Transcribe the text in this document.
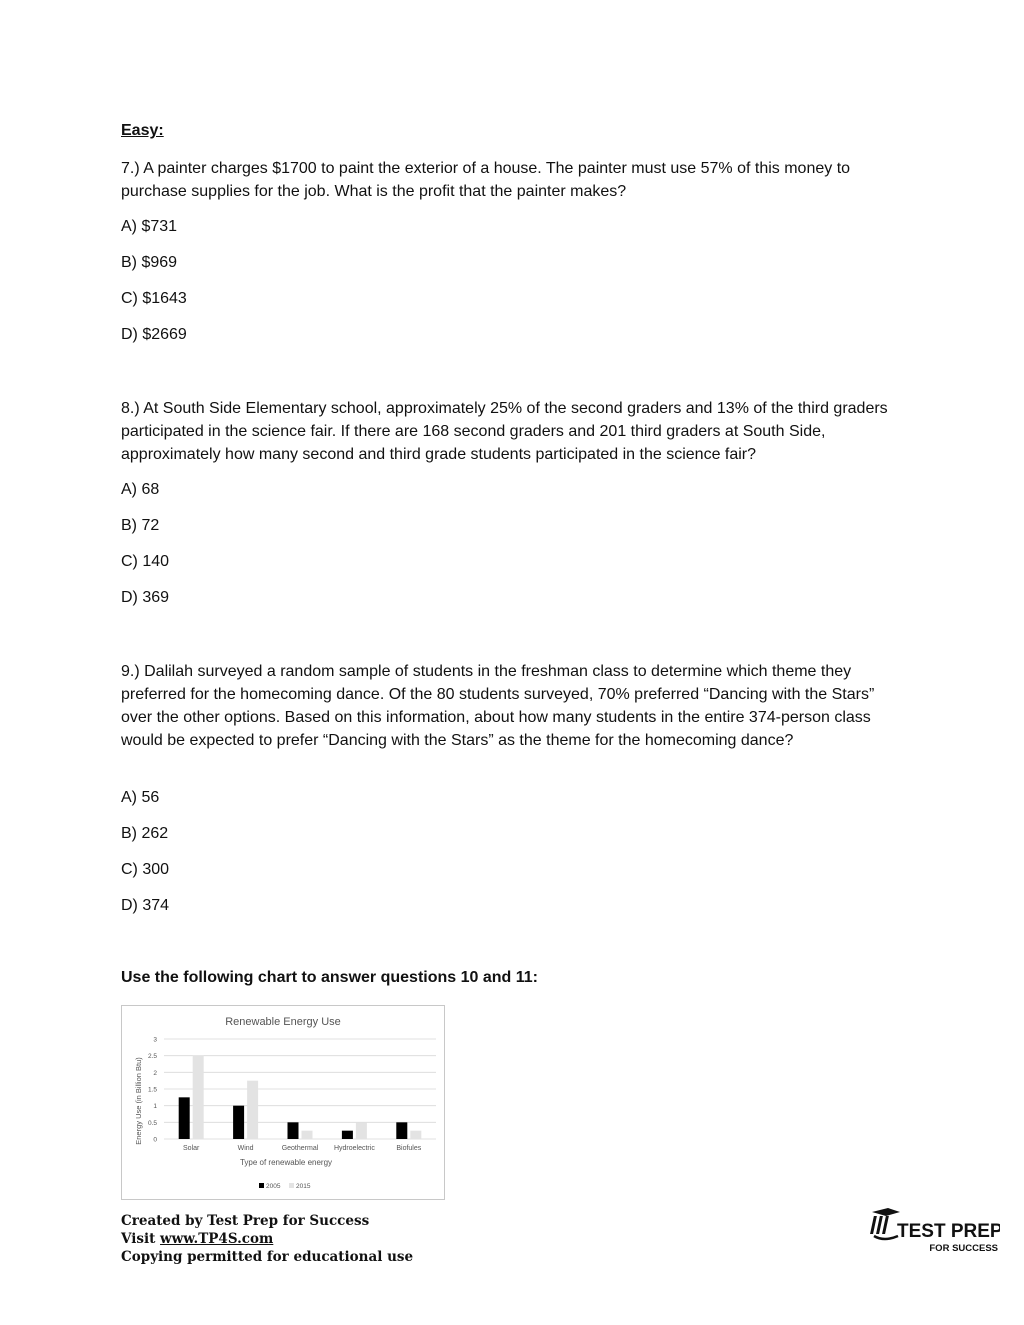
Easy:

7.) A painter charges $1700 to paint the exterior of a house. The painter must use 57% of this money to purchase supplies for the job. What is the profit that the painter makes?

A) $731

B) $969

C) $1643

D) $2669

8.) At South Side Elementary school, approximately 25% of the second graders and 13% of the third graders participated in the science fair. If there are 168 second graders and 201 third graders at South Side, approximately how many second and third grade students participated in the science fair?

A) 68

B) 72

C) 140

D) 369

9.) Dalilah surveyed a random sample of students in the freshman class to determine which theme they preferred for the homecoming dance. Of the 80 students surveyed, 70% preferred “Dancing with the Stars” over the other options. Based on this information, about how many students in the entire 374-person class would be expected to prefer “Dancing with the Stars” as the theme for the homecoming dance?

A) 56

B) 262

C) 300

D) 374

Use the following chart to answer questions 10 and 11:

Renewable Energy Use
0
0.5
1
1.5
2
2.5
3
Solar	Wind	Geothermal Hydroelectric	Biofules
Energy Use (in Billion Btu)
Type of renewable energy
2005 2015
Created by Test Prep for Success
Visit www.TP4S.com
Copying permitted for educational use
TEST PREP
FOR SUCCESS
